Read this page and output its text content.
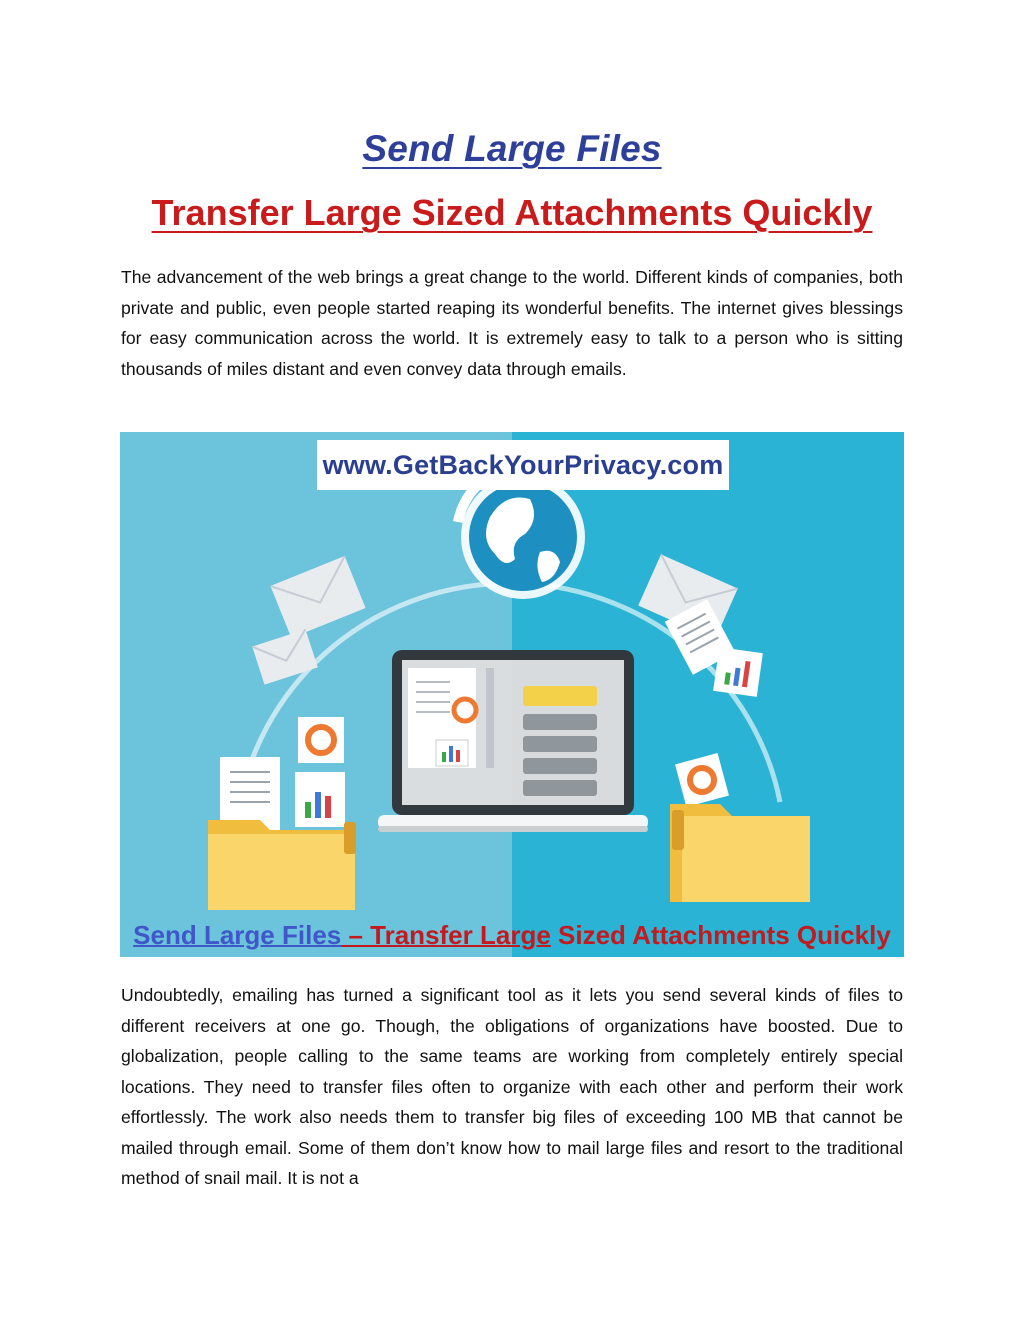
Send Large Files
Transfer Large Sized Attachments Quickly

The advancement of the web brings a great change to the world. Different kinds of companies, both private and public, even people started reaping its wonderful benefits. The internet gives blessings for easy communication across the world. It is extremely easy to talk to a person who is sitting thousands of miles distant and even convey data through emails.

www.GetBackYourPrivacy.com
Send Large Files – Transfer Large Sized Attachments Quickly

Undoubtedly, emailing has turned a significant tool as it lets you send several kinds of files to different receivers at one go. Though, the obligations of organizations have boosted. Due to globalization, people calling to the same teams are working from completely entirely special locations. They need to transfer files often to organize with each other and perform their work effortlessly. The work also needs them to transfer big files of exceeding 100 MB that cannot be mailed through email. Some of them don’t know how to mail large files and resort to the traditional method of snail mail. It is not a
